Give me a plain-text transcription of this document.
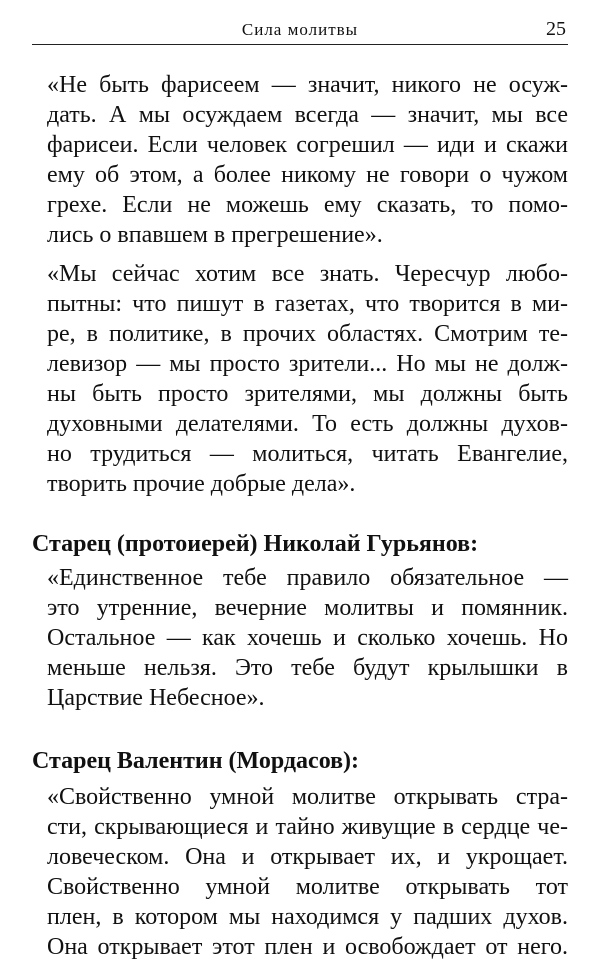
Сила молитвы	25

«Не быть фарисеем — значит, никого не осуж-
дать. А мы осуждаем всегда — значит, мы все
фарисеи. Если человек согрешил — иди и скажи
ему об этом, а более никому не говори о чужом
грехе. Если не можешь ему сказать, то помо-
лись о впавшем в прегрешение».

«Мы сейчас хотим все знать. Чересчур любо-
пытны: что пишут в газетах, что творится в ми-
ре, в политике, в прочих областях. Смотрим те-
левизор — мы просто зрители... Но мы не долж-
ны быть просто зрителями, мы должны быть
духовными делателями. То есть должны духов-
но трудиться — молиться, читать Евангелие,
творить прочие добрые дела».

Старец (протоиерей) Николай Гурьянов:

«Единственное тебе правило обязательное —
это утренние, вечерние молитвы и помянник.
Остальное — как хочешь и сколько хочешь. Но
меньше нельзя. Это тебе будут крылышки в
Царствие Небесное».

Старец Валентин (Мордасов):

«Свойственно умной молитве открывать стра-
сти, скрывающиеся и тайно живущие в сердце че-
ловеческом. Она и открывает их, и укрощает.
Свойственно умной молитве открывать тот
плен, в котором мы находимся у падших духов.
Она открывает этот плен и освобождает от него.
